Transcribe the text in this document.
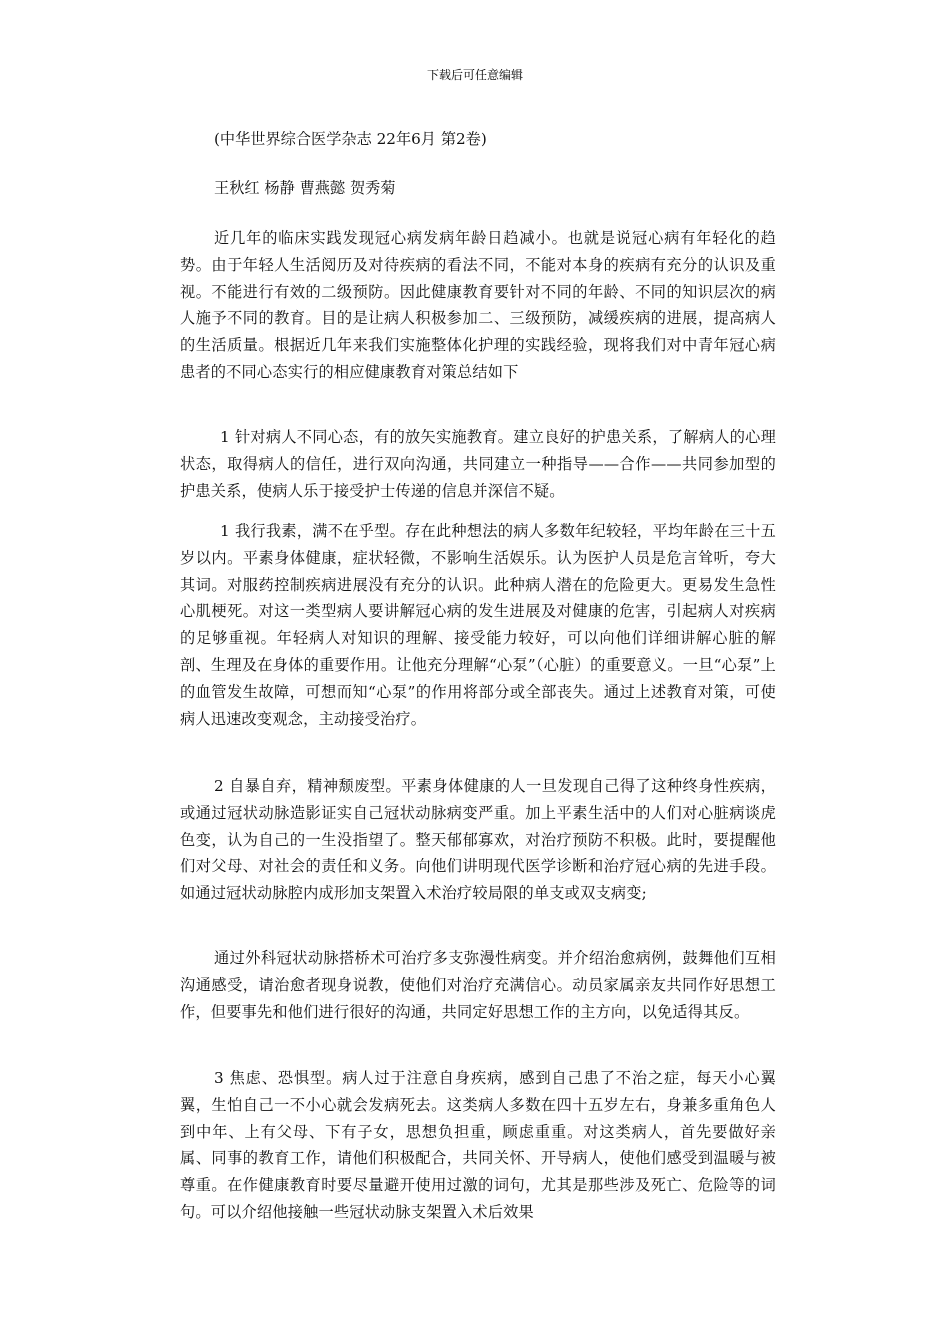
下载后可任意编辑
(中华世界综合医学杂志 22年6月 第2卷)
王秋红 杨静 曹燕懿 贺秀菊

近几年的临床实践发现冠心病发病年龄日趋减小。也就是说冠心病有年轻化的趋势。由于年轻人生活阅历及对待疾病的看法不同，不能对本身的疾病有充分的认识及重视。不能进行有效的二级预防。因此健康教育要针对不同的年龄、不同的知识层次的病人施予不同的教育。目的是让病人积极参加二、三级预防，减缓疾病的进展，提高病人的生活质量。根据近几年来我们实施整体化护理的实践经验，现将我们对中青年冠心病患者的不同心态实行的相应健康教育对策总结如下

1 针对病人不同心态，有的放矢实施教育。建立良好的护患关系，了解病人的心理状态，取得病人的信任，进行双向沟通，共同建立一种指导——合作——共同参加型的护患关系，使病人乐于接受护士传递的信息并深信不疑。

1 我行我素，满不在乎型。存在此种想法的病人多数年纪较轻，平均年龄在三十五岁以内。平素身体健康，症状轻微，不影响生活娱乐。认为医护人员是危言耸听，夸大其词。对服药控制疾病进展没有充分的认识。此种病人潜在的危险更大。更易发生急性心肌梗死。对这一类型病人要讲解冠心病的发生进展及对健康的危害，引起病人对疾病的足够重视。年轻病人对知识的理解、接受能力较好，可以向他们详细讲解心脏的解剖、生理及在身体的重要作用。让他充分理解“心泵”（心脏）的重要意义。一旦“心泵”上的血管发生故障，可想而知“心泵”的作用将部分或全部丧失。通过上述教育对策，可使病人迅速改变观念，主动接受治疗。

2 自暴自弃，精神颓废型。平素身体健康的人一旦发现自己得了这种终身性疾病，或通过冠状动脉造影证实自己冠状动脉病变严重。加上平素生活中的人们对心脏病谈虎色变，认为自己的一生没指望了。整天郁郁寡欢，对治疗预防不积极。此时，要提醒他们对父母、对社会的责任和义务。向他们讲明现代医学诊断和治疗冠心病的先进手段。如通过冠状动脉腔内成形加支架置入术治疗较局限的单支或双支病变;

通过外科冠状动脉搭桥术可治疗多支弥漫性病变。并介绍治愈病例，鼓舞他们互相沟通感受，请治愈者现身说教，使他们对治疗充满信心。动员家属亲友共同作好思想工作，但要事先和他们进行很好的沟通，共同定好思想工作的主方向，以免适得其反。

3 焦虑、恐惧型。病人过于注意自身疾病，感到自己患了不治之症，每天小心翼翼，生怕自己一不小心就会发病死去。这类病人多数在四十五岁左右，身兼多重角色人到中年、上有父母、下有子女，思想负担重，顾虑重重。对这类病人，首先要做好亲属、同事的教育工作，请他们积极配合，共同关怀、开导病人，使他们感受到温暖与被尊重。在作健康教育时要尽量避开使用过激的词句，尤其是那些涉及死亡、危险等的词句。可以介绍他接触一些冠状动脉支架置入术后效果
